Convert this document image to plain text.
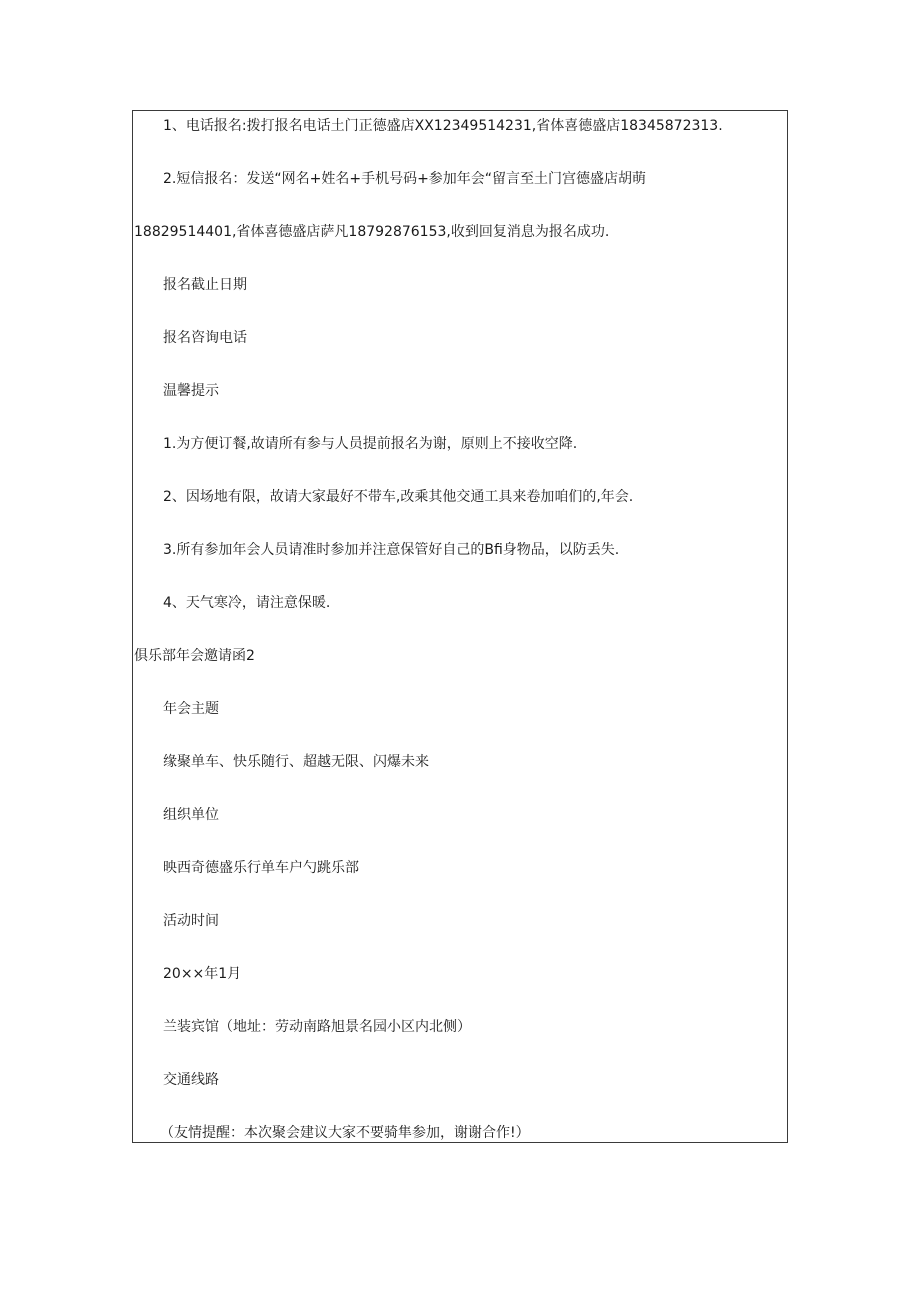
1、电话报名:拨打报名电话土门正德盛店XX12349514231,省体喜德盛店18345872313.
2.短信报名：发送“网名+姓名+手机号码+参加年会“留言至土门宫德盛店胡萌
18829514401,省体喜德盛店萨凡18792876153,收到回复消息为报名成功.
报名截止日期
报名咨询电话
温馨提示
1.为方便订餐,故请所有参与人员提前报名为谢，原则上不接收空降.
2、因场地有限，故请大家最好不带车,改乘其他交通工具来卷加咱们的,年会.
3.所有参加年会人员请准时参加并注意保管好自己的Bfi身物品，以防丢失.
4、天气寒冷，请注意保暖.
俱乐部年会邀请函2
年会主题
缘聚单车、快乐随行、超越无限、闪爆未来
组织单位
映西奇德盛乐行单车户勺跳乐部
活动时间
20××年1月
兰装宾馆（地址：劳动南路旭景名园小区内北侧）
交通线路
（友情提醒：本次聚会建议大家不要骑隼参加，谢谢合作!）
